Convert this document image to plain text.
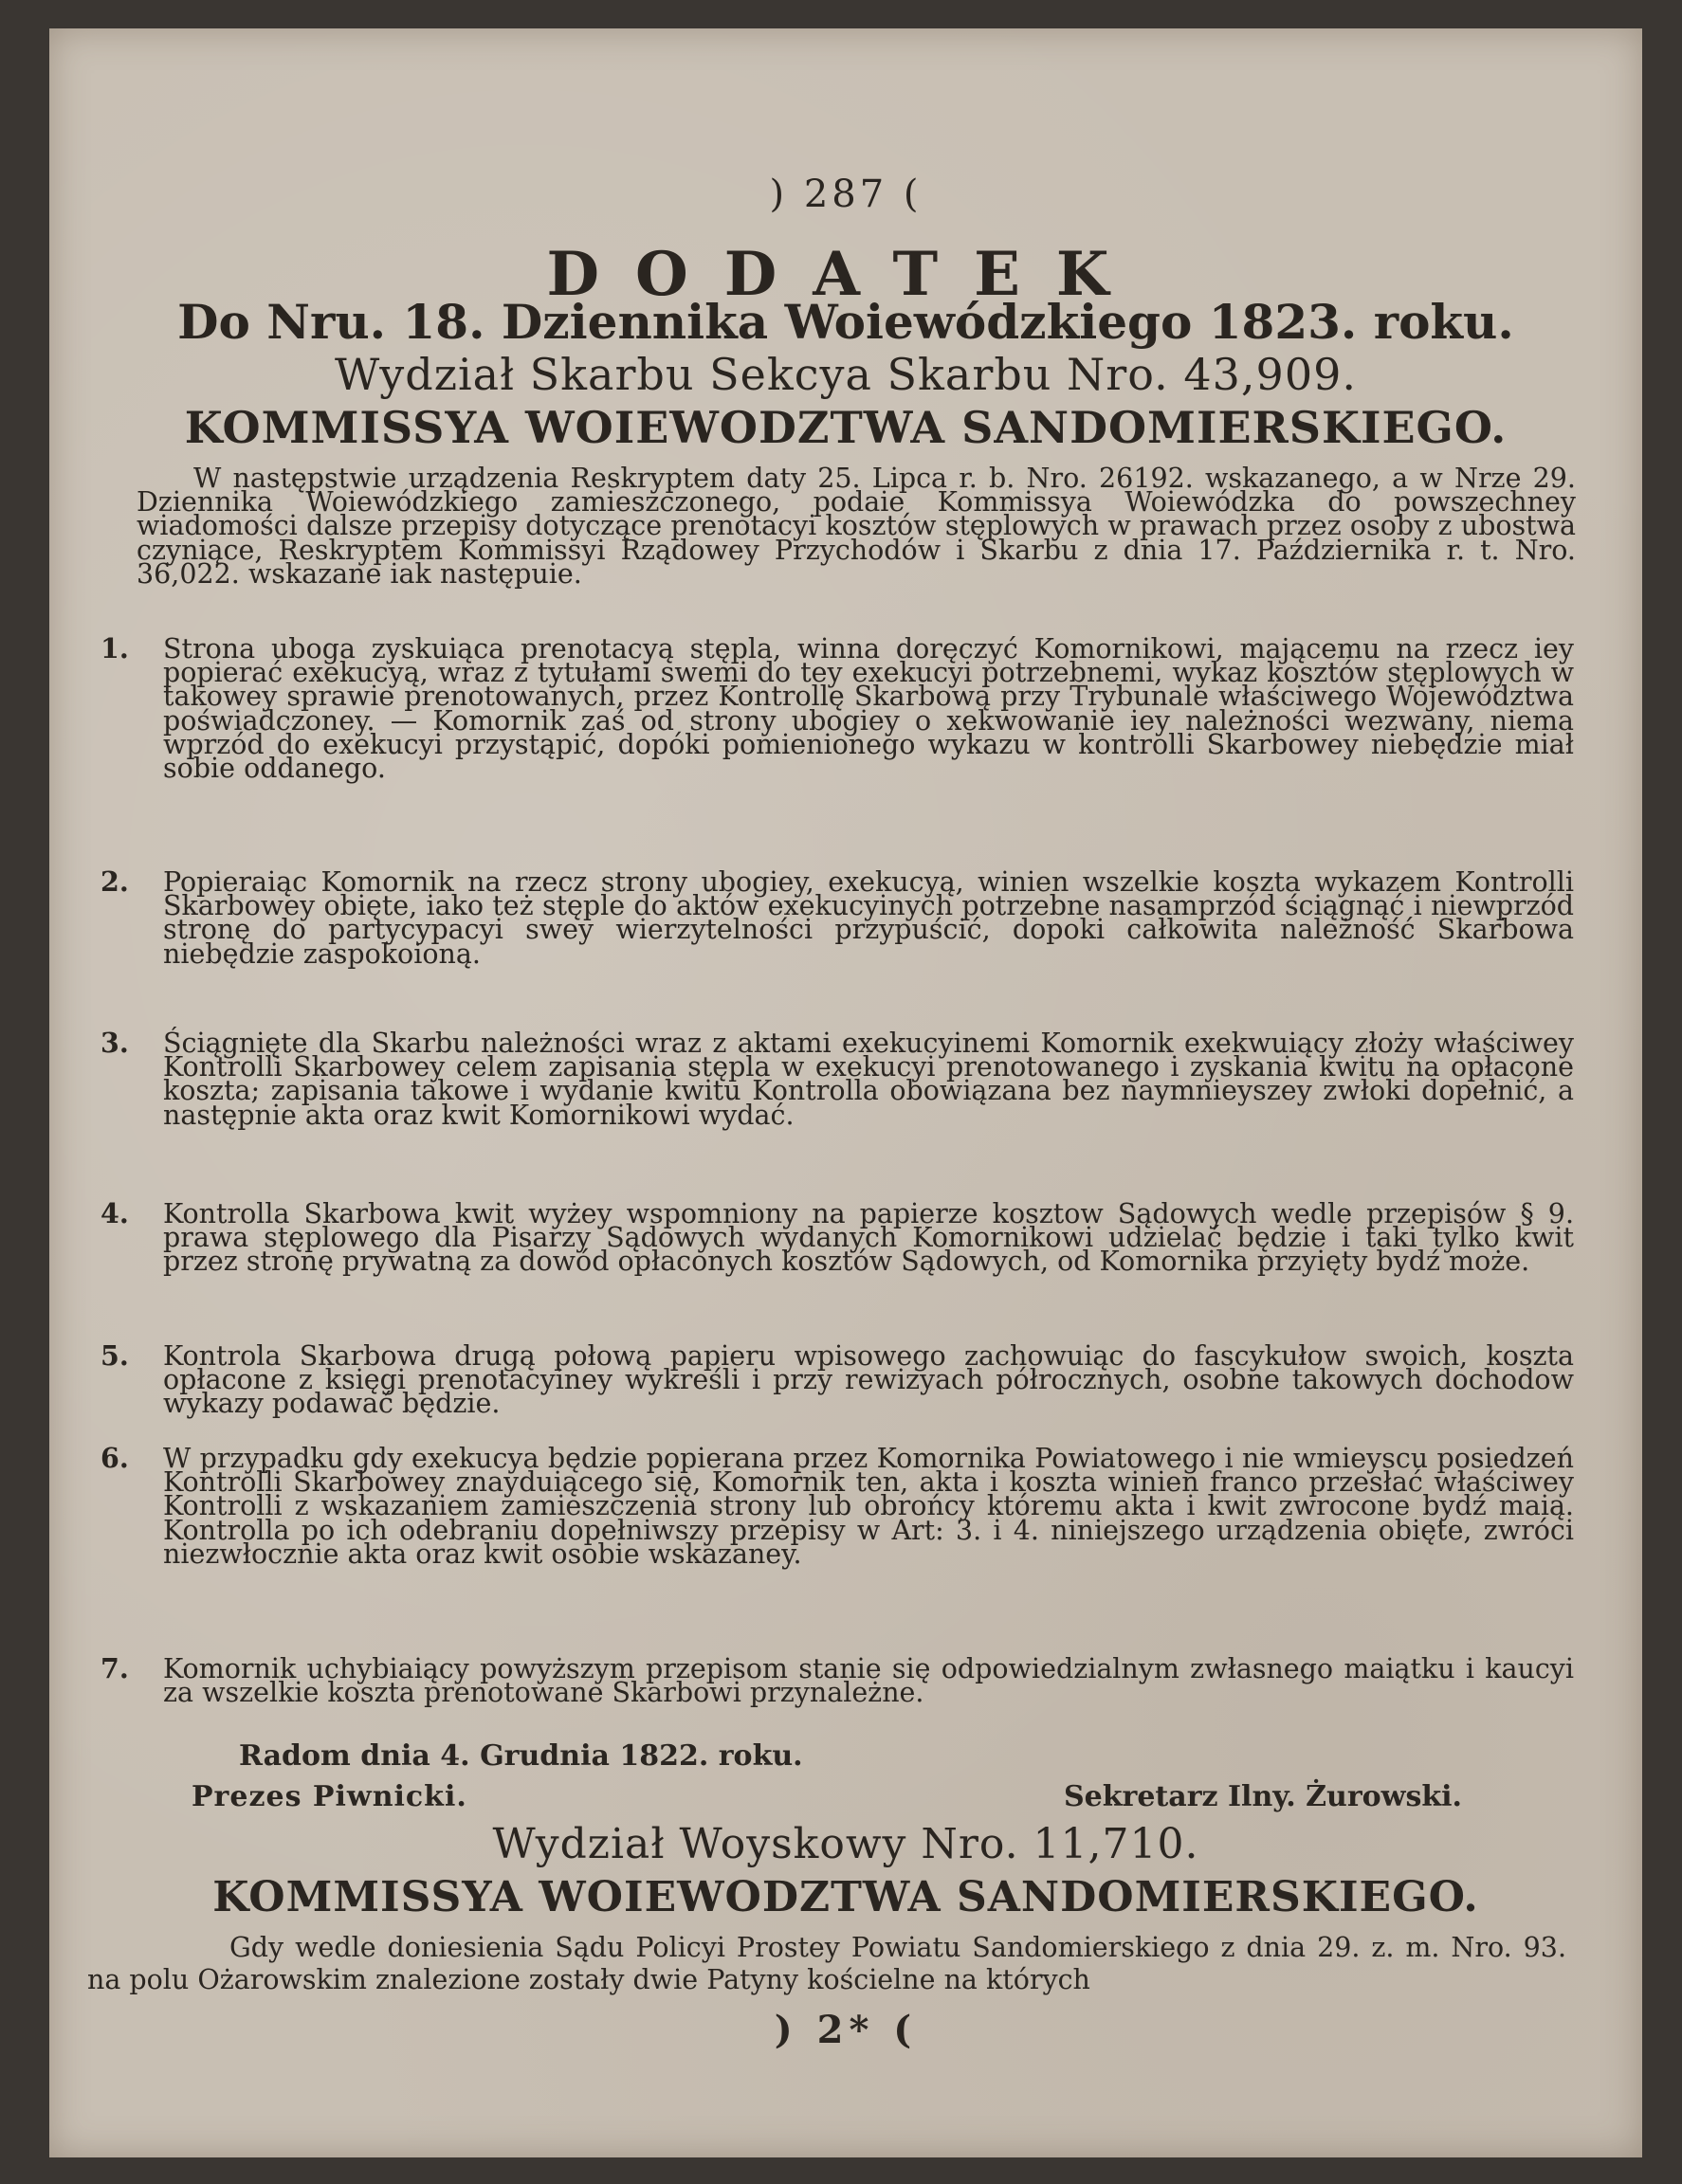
) 287 (
DODATEK
Do Nru. 18. Dziennika Woiewódzkiego 1823. roku.
Wydział Skarbu Sekcya Skarbu Nro. 43,909.
KOMMISSYA WOIEWODZTWA SANDOMIERSKIEGO.
W następstwie urządzenia Reskryptem daty 25. Lipca r. b. Nro. 26192. wskazanego, a w Nrze 29. Dziennika Woiewódzkiego zamieszczonego, podaie Kommissya Woiewódzka do powszechney wiadomości dalsze przepisy dotyczące prenotacyi kosztów stęplowych w prawach przez osoby z ubostwa czyniące, Reskryptem Kommissyi Rządowey Przychodów i Skarbu z dnia 17. Października r. t. Nro. 36,022. wskazane iak następuie.
1.	Strona uboga zyskuiąca prenotacyą stępla, winna doręczyć Komornikowi, mającemu na rzecz iey popierać exekucyą, wraz z tytułami swemi do tey exekucyi potrzebnemi, wykaz kosztów stęplowych w takowey sprawie prenotowanych, przez Kontrollę Skarbową przy Trybunale właściwego Województwa poświadczoney. — Komornik zaś od strony ubogiey o xekwowanie iey należności wezwany, niema wprzód do exekucyi przystąpić, dopóki pomienionego wykazu w kontrolli Skarbowey niebędzie miał sobie oddanego.
2.	Popieraiąc Komornik na rzecz strony ubogiey, exekucyą, winien wszelkie koszta wykazem Kontrolli Skarbowey obięte, iako też stęple do aktów exekucyinych potrzebne nasamprzód ściągnąć i niewprzód stronę do partycypacyi swey wierzytelności przypuścić, dopoki całkowita należność Skarbowa niebędzie zaspokoioną.
3.	Ściągnięte dla Skarbu należności wraz z aktami exekucyinemi Komornik exekwuiący złoży właściwey Kontrolli Skarbowey celem zapisania stępla w exekucyi prenotowanego i zyskania kwitu na opłacone koszta; zapisania takowe i wydanie kwitu Kontrolla obowiązana bez naymnieyszey zwłoki dopełnić, a następnie akta oraz kwit Komornikowi wydać.
4.	Kontrolla Skarbowa kwit wyżey wspomniony na papierze kosztow Sądowych wedle przepisów § 9. prawa stęplowego dla Pisarzy Sądowych wydanych Komornikowi udzielać będzie i taki tylko kwit przez stronę prywatną za dowód opłaconych kosztów Sądowych, od Komornika przyięty bydź może.
5.	Kontrola Skarbowa drugą połową papieru wpisowego zachowuiąc do fascykułow swoich, koszta opłacone z księgi prenotacyiney wykreśli i przy rewizyach półrocznych, osobne takowych dochodow wykazy podawać będzie.
6.	W przypadku gdy exekucya będzie popierana przez Komornika Powiatowego i nie wmieyscu posiedzeń Kontrolli Skarbowey znayduiącego się, Komornik ten, akta i koszta winien franco przesłać właściwey Kontrolli z wskazaniem zamieszczenia strony lub obrońcy któremu akta i kwit zwrocone bydź maią. Kontrolla po ich odebraniu dopełniwszy przepisy w Art: 3. i 4. niniejszego urządzenia obięte, zwróci niezwłocznie akta oraz kwit osobie wskazaney.
7.	Komornik uchybiaiący powyższym przepisom stanie się odpowiedzialnym zwłasnego maiątku i kaucyi za wszelkie koszta prenotowane Skarbowi przynależne.
Radom dnia 4. Grudnia 1822. roku.
Prezes Piwnicki.	Sekretarz Ilny. Żurowski.
Wydział Woyskowy Nro. 11,710.
KOMMISSYA WOIEWODZTWA SANDOMIERSKIEGO.
Gdy wedle doniesienia Sądu Policyi Prostey Powiatu Sandomierskiego z dnia 29. z. m. Nro. 93. na polu Ożarowskim znalezione zostały dwie Patyny kościelne na których
) 2* (
